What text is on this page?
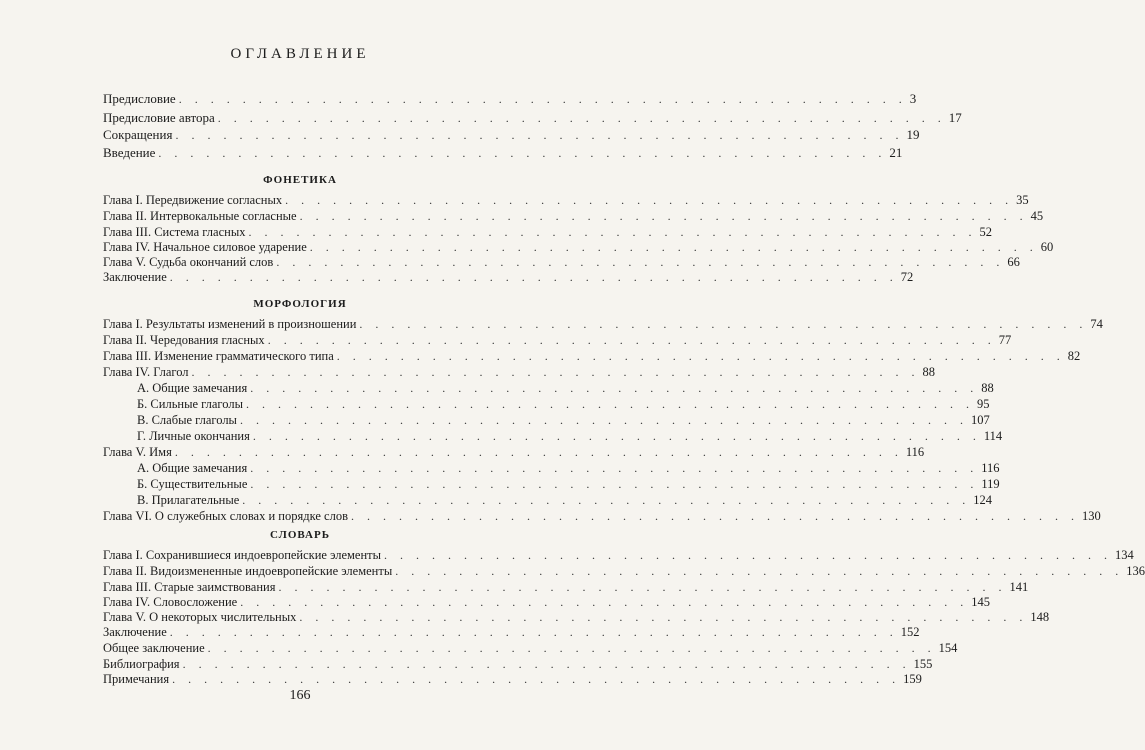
ОГЛАВЛЕНИЕ
Предисловие . . . . . . . . . . . . . . . . . . . . . . . . . . . . . . . . . . . . . . . . . . . . . . 3
Предисловие автора . . . . . . . . . . . . . . . . . . . . . . . . . . . . . . . . . . . . . . . . . . . . . . 17
Сокращения . . . . . . . . . . . . . . . . . . . . . . . . . . . . . . . . . . . . . . . . . . . . . . 19
Введение . . . . . . . . . . . . . . . . . . . . . . . . . . . . . . . . . . . . . . . . . . . . . . 21
ФОНЕТИКА
Глава I. Передвижение согласных . . . . . . . . . . . . . . . . . . . . . . . . . . . . . . . . . . . . . . . . . . . . . . 35
Глава II. Интервокальные согласные . . . . . . . . . . . . . . . . . . . . . . . . . . . . . . . . . . . . . . . . . . . . . . 45
Глава III. Система гласных . . . . . . . . . . . . . . . . . . . . . . . . . . . . . . . . . . . . . . . . . . . . . . 52
Глава IV. Начальное силовое ударение . . . . . . . . . . . . . . . . . . . . . . . . . . . . . . . . . . . . . . . . . . . . . . 60
Глава V. Судьба окончаний слов . . . . . . . . . . . . . . . . . . . . . . . . . . . . . . . . . . . . . . . . . . . . . . 66
Заключение . . . . . . . . . . . . . . . . . . . . . . . . . . . . . . . . . . . . . . . . . . . . . . 72
МОРФОЛОГИЯ
Глава I. Результаты изменений в произношении . . . . . . . . . . . . . . . . . . . . . . . . . . . . . . . . . . . . . . . . . . . . . . 74
Глава II. Чередования гласных . . . . . . . . . . . . . . . . . . . . . . . . . . . . . . . . . . . . . . . . . . . . . . 77
Глава III. Изменение грамматического типа . . . . . . . . . . . . . . . . . . . . . . . . . . . . . . . . . . . . . . . . . . . . . . 82
Глава IV. Глагол . . . . . . . . . . . . . . . . . . . . . . . . . . . . . . . . . . . . . . . . . . . . . . 88
А. Общие замечания . . . . . . . . . . . . . . . . . . . . . . . . . . . . . . . . . . . . . . . . . . . . . . 88
Б. Сильные глаголы . . . . . . . . . . . . . . . . . . . . . . . . . . . . . . . . . . . . . . . . . . . . . . 95
В. Слабые глаголы . . . . . . . . . . . . . . . . . . . . . . . . . . . . . . . . . . . . . . . . . . . . . . 107
Г. Личные окончания . . . . . . . . . . . . . . . . . . . . . . . . . . . . . . . . . . . . . . . . . . . . . . 114
Глава V. Имя . . . . . . . . . . . . . . . . . . . . . . . . . . . . . . . . . . . . . . . . . . . . . . 116
А. Общие замечания . . . . . . . . . . . . . . . . . . . . . . . . . . . . . . . . . . . . . . . . . . . . . . 116
Б. Существительные . . . . . . . . . . . . . . . . . . . . . . . . . . . . . . . . . . . . . . . . . . . . . . 119
В. Прилагательные . . . . . . . . . . . . . . . . . . . . . . . . . . . . . . . . . . . . . . . . . . . . . . 124
Глава VI. О служебных словах и порядке слов . . . . . . . . . . . . . . . . . . . . . . . . . . . . . . . . . . . . . . . . . . . . . . 130
СЛОВАРЬ
Глава I. Сохранившиеся индоевропейские элементы . . . . . . . . . . . . . . . . . . . . . . . . . . . . . . . . . . . . . . . . . . . . . . 134
Глава II. Видоизмененные индоевропейские элементы . . . . . . . . . . . . . . . . . . . . . . . . . . . . . . . . . . . . . . . . . . . . . . 136
Глава III. Старые заимствования . . . . . . . . . . . . . . . . . . . . . . . . . . . . . . . . . . . . . . . . . . . . . . 141
Глава IV. Словосложение . . . . . . . . . . . . . . . . . . . . . . . . . . . . . . . . . . . . . . . . . . . . . . 145
Глава V. О некоторых числительных . . . . . . . . . . . . . . . . . . . . . . . . . . . . . . . . . . . . . . . . . . . . . . 148
Заключение . . . . . . . . . . . . . . . . . . . . . . . . . . . . . . . . . . . . . . . . . . . . . . 152
Общее заключение . . . . . . . . . . . . . . . . . . . . . . . . . . . . . . . . . . . . . . . . . . . . . . 154
Библиография . . . . . . . . . . . . . . . . . . . . . . . . . . . . . . . . . . . . . . . . . . . . . . 155
Примечания . . . . . . . . . . . . . . . . . . . . . . . . . . . . . . . . . . . . . . . . . . . . . . 159
166
